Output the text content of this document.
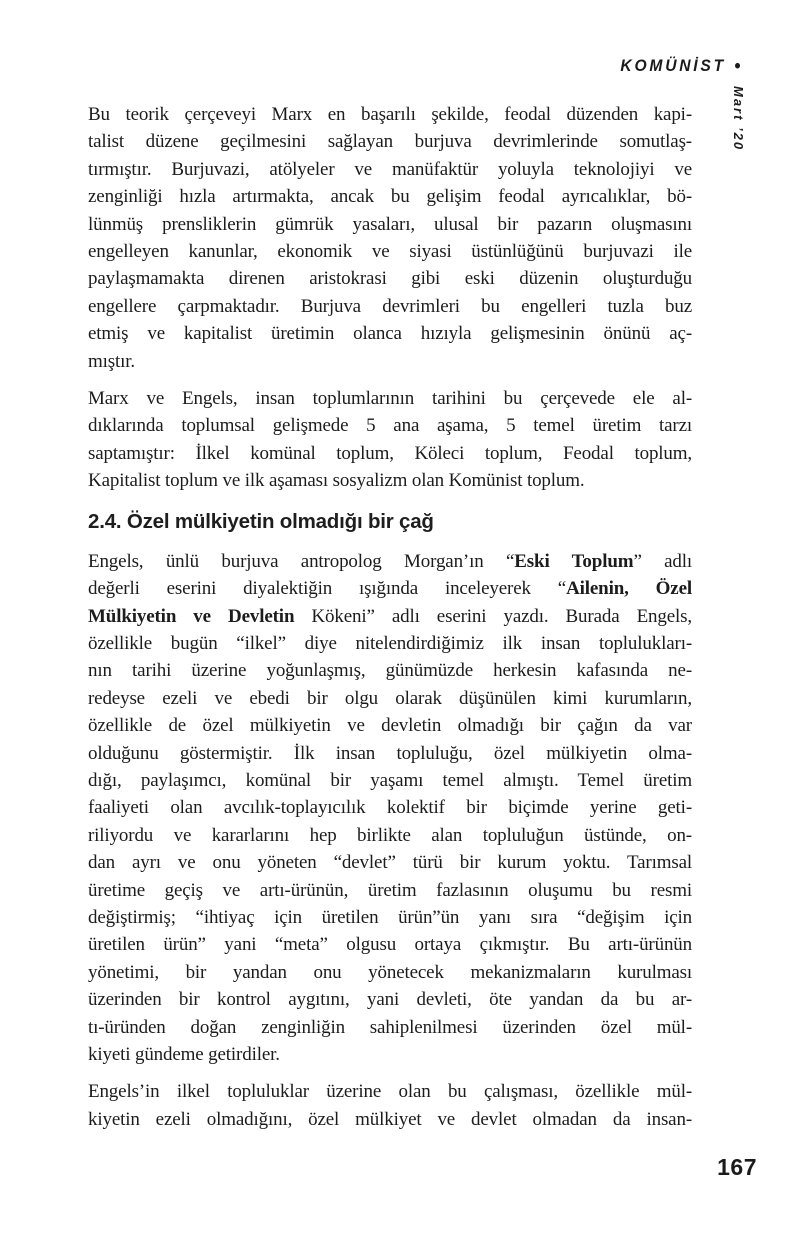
KOMÜNİST •
Mart ’20
Bu teorik çerçeveyi Marx en başarılı şekilde, feodal düzenden kapi-
talist düzene geçilmesini sağlayan burjuva devrimlerinde somutlaş-
tırmıştır. Burjuvazi, atölyeler ve manüfaktür yoluyla teknolojiyi ve
zenginliği hızla artırmakta, ancak bu gelişim feodal ayrıcalıklar, bö-
lünmüş prensliklerin gümrük yasaları, ulusal bir pazarın oluşmasını
engelleyen kanunlar, ekonomik ve siyasi üstünlüğünü burjuvazi ile
paylaşmamakta direnen aristokrasi gibi eski düzenin oluşturduğu
engellere çarpmaktadır. Burjuva devrimleri bu engelleri tuzla buz
etmiş ve kapitalist üretimin olanca hızıyla gelişmesinin önünü aç-
mıştır.
Marx ve Engels, insan toplumlarının tarihini bu çerçevede ele al-
dıklarında toplumsal gelişmede 5 ana aşama, 5 temel üretim tarzı
saptamıştır: İlkel komünal toplum, Köleci toplum, Feodal toplum,
Kapitalist toplum ve ilk aşaması sosyalizm olan Komünist toplum.
2.4. Özel mülkiyetin olmadığı bir çağ
Engels, ünlü burjuva antropolog Morgan’ın “Eski Toplum” adlı
değerli eserini diyalektiğin ışığında inceleyerek “Ailenin, Özel
Mülkiyetin ve Devletin Kökeni” adlı eserini yazdı. Burada Engels,
özellikle bugün “ilkel” diye nitelendirdiğimiz ilk insan toplulukları-
nın tarihi üzerine yoğunlaşmış, günümüzde herkesin kafasında ne-
redeyse ezeli ve ebedi bir olgu olarak düşünülen kimi kurumların,
özellikle de özel mülkiyetin ve devletin olmadığı bir çağın da var
olduğunu göstermiştir. İlk insan topluluğu, özel mülkiyetin olma-
dığı, paylaşımcı, komünal bir yaşamı temel almıştı. Temel üretim
faaliyeti olan avcılık-toplayıcılık kolektif bir biçimde yerine geti-
riliyordu ve kararlarını hep birlikte alan topluluğun üstünde, on-
dan ayrı ve onu yöneten “devlet” türü bir kurum yoktu. Tarımsal
üretime geçiş ve artı-ürünün, üretim fazlasının oluşumu bu resmi
değiştirmiş; “ihtiyaç için üretilen ürün”ün yanı sıra “değişim için
üretilen ürün” yani “meta” olgusu ortaya çıkmıştır. Bu artı-ürünün
yönetimi, bir yandan onu yönetecek mekanizmaların kurulması
üzerinden bir kontrol aygıtını, yani devleti, öte yandan da bu ar-
tı-üründen doğan zenginliğin sahiplenilmesi üzerinden özel mül-
kiyeti gündeme getirdiler.
Engels’in ilkel topluluklar üzerine olan bu çalışması, özellikle mül-
kiyetin ezeli olmadığını, özel mülkiyet ve devlet olmadan da insan-
167
